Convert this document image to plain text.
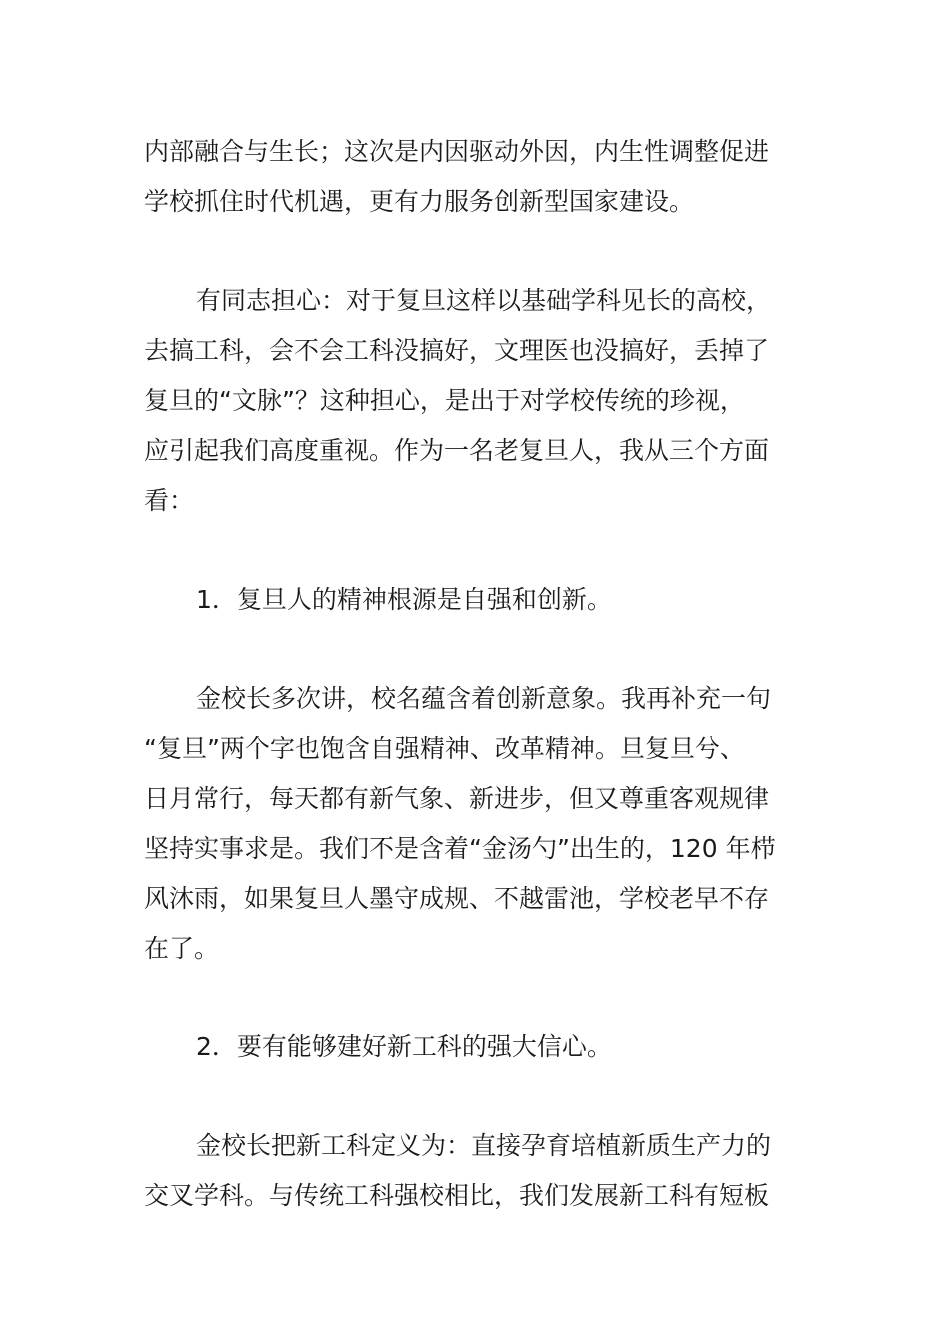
内部融合与生长；这次是内因驱动外因，内生性调整促进
学校抓住时代机遇，更有力服务创新型国家建设。
有同志担心：对于复旦这样以基础学科见长的高校，
去搞工科，会不会工科没搞好，文理医也没搞好，丢掉了
复旦的“文脉”？这种担心，是出于对学校传统的珍视，
应引起我们高度重视。作为一名老复旦人，我从三个方面
看：
1．复旦人的精神根源是自强和创新。
金校长多次讲，校名蕴含着创新意象。我再补充一句
“复旦”两个字也饱含自强精神、改革精神。旦复旦兮、
日月常行，每天都有新气象、新进步，但又尊重客观规律
坚持实事求是。我们不是含着“金汤勺”出生的，120 年栉
风沐雨，如果复旦人墨守成规、不越雷池，学校老早不存
在了。
2．要有能够建好新工科的强大信心。
金校长把新工科定义为：直接孕育培植新质生产力的
交叉学科。与传统工科强校相比，我们发展新工科有短板
